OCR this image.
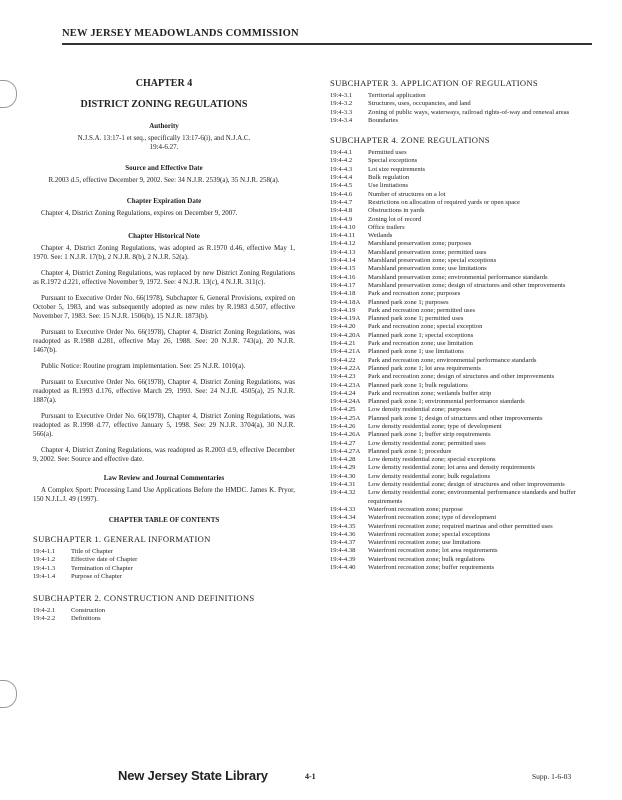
NEW JERSEY MEADOWLANDS COMMISSION
CHAPTER 4
DISTRICT ZONING REGULATIONS
Authority
N.J.S.A. 13:17-1 et seq., specifically 13:17-6(i), and N.J.A.C. 19:4-6.27.
Source and Effective Date
R.2003 d.5, effective December 9, 2002. See: 34 N.J.R. 2539(a), 35 N.J.R. 258(a).
Chapter Expiration Date
Chapter 4, District Zoning Regulations, expires on December 9, 2007.
Chapter Historical Note
Chapter 4, District Zoning Regulations, was adopted as R.1970 d.46, effective May 1, 1970. See: 1 N.J.R. 17(b), 2 N.J.R. 8(b), 2 N.J.R. 52(a).
Chapter 4, District Zoning Regulations, was replaced by new District Zoning Regulations as R.1972 d.221, effective November 9, 1972. See: 4 N.J.R. 13(c), 4 N.J.R. 311(c).
Pursuant to Executive Order No. 66(1978), Subchapter 6, General Provisions, expired on October 5, 1983, and was subsequently adopted as new rules by R.1983 d.507, effective November 7, 1983. See: 15 N.J.R. 1506(b), 15 N.J.R. 1873(b).
Pursuant to Executive Order No. 66(1978), Chapter 4, District Zoning Regulations, was readopted as R.1988 d.281, effective May 26, 1988. See: 20 N.J.R. 743(a), 20 N.J.R. 1467(b).
Public Notice: Routine program implementation. See: 25 N.J.R. 1010(a).
Pursuant to Executive Order No. 66(1978), Chapter 4, District Zoning Regulations, was readopted as R.1993 d.176, effective March 29, 1993. See: 24 N.J.R. 4505(a), 25 N.J.R. 1887(a).
Pursuant to Executive Order No. 66(1978), Chapter 4, District Zoning Regulations, was readopted as R.1998 d.77, effective January 5, 1998. See: 29 N.J.R. 3704(a), 30 N.J.R. 566(a).
Chapter 4, District Zoning Regulations, was readopted as R.2003 d.9, effective December 9, 2002. See: Source and effective date.
Law Review and Journal Commentaries
A Complex Sport: Processing Land Use Applications Before the HMDC. James K. Pryor, 150 N.J.L.J. 49 (1997).
CHAPTER TABLE OF CONTENTS
SUBCHAPTER 1. GENERAL INFORMATION
19:4-1.1	Title of Chapter
19:4-1.2	Effective date of Chapter
19:4-1.3	Termination of Chapter
19:4-1.4	Purpose of Chapter
SUBCHAPTER 2. CONSTRUCTION AND DEFINITIONS
19:4-2.1	Construction
19:4-2.2	Definitions
SUBCHAPTER 3. APPLICATION OF REGULATIONS
19:4-3.1	Territorial application
19:4-3.2	Structures, uses, occupancies, and land
19:4-3.3	Zoning of public ways, waterways, railroad rights-of-way and renewal areas
19:4-3.4	Boundaries
SUBCHAPTER 4. ZONE REGULATIONS
19:4-4.1	Permitted uses
19:4-4.2	Special exceptions
19:4-4.3	Lot size requirements
19:4-4.4	Bulk regulation
19:4-4.5	Use limitations
19:4-4.6	Number of structures on a lot
19:4-4.7	Restrictions on allocation of required yards or open space
19:4-4.8	Obstructions in yards
19:4-4.9	Zoning lot of record
19:4-4.10	Office trailers
19:4-4.11	Wetlands
19:4-4.12	Marshland preservation zone; purposes
19:4-4.13	Marshland preservation zone; permitted uses
19:4-4.14	Marshland preservation zone; special exceptions
19:4-4.15	Marshland preservation zone; use limitations
19:4-4.16	Marshland preservation zone; environmental performance standards
19:4-4.17	Marshland preservation zone; design of structures and other improvements
19:4-4.18	Park and recreation zone; purposes
19:4-4.18A	Planned park zone 1; purposes
19:4-4.19	Park and recreation zone; permitted uses
19:4-4.19A	Planned park zone 1; permitted uses
19:4-4.20	Park and recreation zone; special exception
19:4-4.20A	Planned park zone 1; special exceptions
19:4-4.21	Park and recreation zone; use limitation
19:4-4.21A	Planned park zone 1; use limitations
19:4-4.22	Park and recreation zone; environmental performance standards
19:4-4.22A	Planned park zone 1; lot area requirements
19:4-4.23	Park and recreation zone; design of structures and other improvements
19:4-4.23A	Planned park zone 1; bulk regulations
19:4-4.24	Park and recreation zone; wetlands buffer strip
19:4-4.24A	Planned park zone 1; environmental performance standards
19:4-4.25	Low density residential zone; purposes
19:4-4.25A	Planned park zone 1; design of structures and other improvements
19:4-4.26	Low density residential zone; type of development
19:4-4.26A	Planned park zone 1; buffer strip requirements
19:4-4.27	Low density residential zone; permitted uses
19:4-4.27A	Planned park zone 1; procedure
19:4-4.28	Low density residential zone; special exceptions
19:4-4.29	Low density residential zone; lot area and density requirements
19:4-4.30	Low density residential zone; bulk regulations
19:4-4.31	Low density residential zone; design of structures and other improvements
19:4-4.32	Low density residential zone; environmental performance standards and buffer requirements
19:4-4.33	Waterfront recreation zone; purpose
19:4-4.34	Waterfront recreation zone; type of development
19:4-4.35	Waterfront recreation zone; required marinas and other permitted uses
19:4-4.36	Waterfront recreation zone; special exceptions
19:4-4.37	Waterfront recreation zone; use limitations
19:4-4.38	Waterfront recreation zone; lot area requirements
19:4-4.39	Waterfront recreation zone; bulk regulations
19:4-4.40	Waterfront recreation zone; buffer requirements
New Jersey State Library	4-1	Supp. 1-6-03
